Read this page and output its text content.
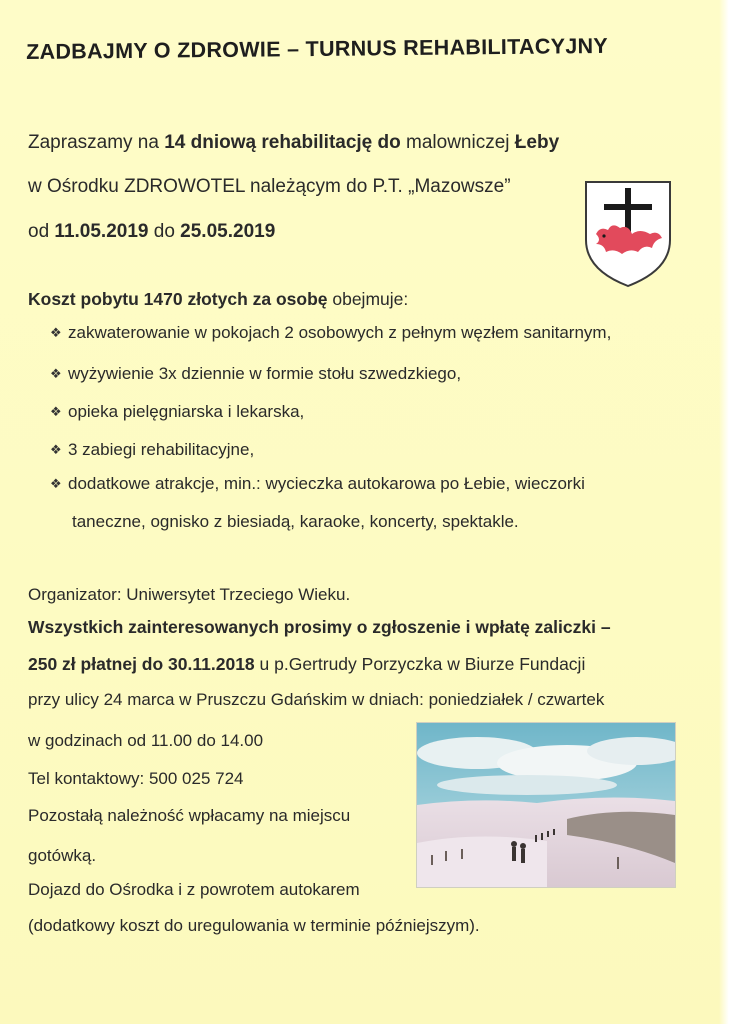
ZADBAJMY O ZDROWIE – TURNUS REHABILITACYJNY
Zapraszamy na 14 dniową rehabilitację do malowniczej Łeby
w Ośrodku ZDROWOTEL należącym do P.T. „Mazowsze”
od 11.05.2019 do 25.05.2019
Koszt pobytu 1470 złotych za osobę obejmuje:
❖ zakwaterowanie w pokojach 2 osobowych z pełnym węzłem sanitarnym,
❖ wyżywienie 3x dziennie w formie stołu szwedzkiego,
❖ opieka pielęgniarska i lekarska,
❖ 3 zabiegi rehabilitacyjne,
❖ dodatkowe atrakcje, min.: wycieczka autokarowa po Łebie, wieczorki
taneczne, ognisko z biesiadą, karaoke, koncerty, spektakle.
Organizator: Uniwersytet Trzeciego Wieku.
Wszystkich zainteresowanych prosimy o zgłoszenie i wpłatę zaliczki –
250 zł płatnej do 30.11.2018 u p.Gertrudy Porzyczka w Biurze Fundacji
przy ulicy 24 marca w Pruszczu Gdańskim w dniach: poniedziałek / czwartek
w godzinach od 11.00 do 14.00
Tel kontaktowy: 500 025 724
Pozostałą należność wpłacamy na miejscu
gotówką.
Dojazd do Ośrodka i z powrotem autokarem
(dodatkowy koszt do uregulowania w terminie późniejszym).
